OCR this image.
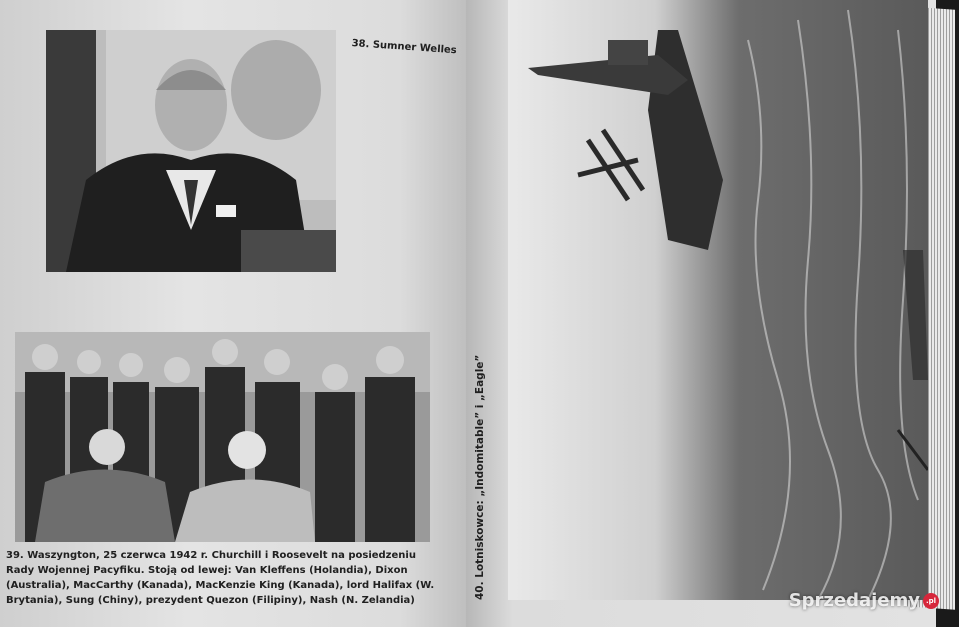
38. Sumner Welles
39. Waszyngton, 25 czerwca 1942 r. Churchill i Roosevelt na posiedzeniu Rady Wojennej Pacyfiku. Stoją od lewej: Van Kleffens (Holandia), Dixon (Australia), MacCarthy (Kanada), MacKenzie King (Kanada), lord Halifax (W. Brytania), Sung (Chiny), prezydent Quezon (Filipiny), Nash (N. Zelandia)
40. Lotniskowce: „Indomitable” i „Eagle”
Sprzedajemy .pl
